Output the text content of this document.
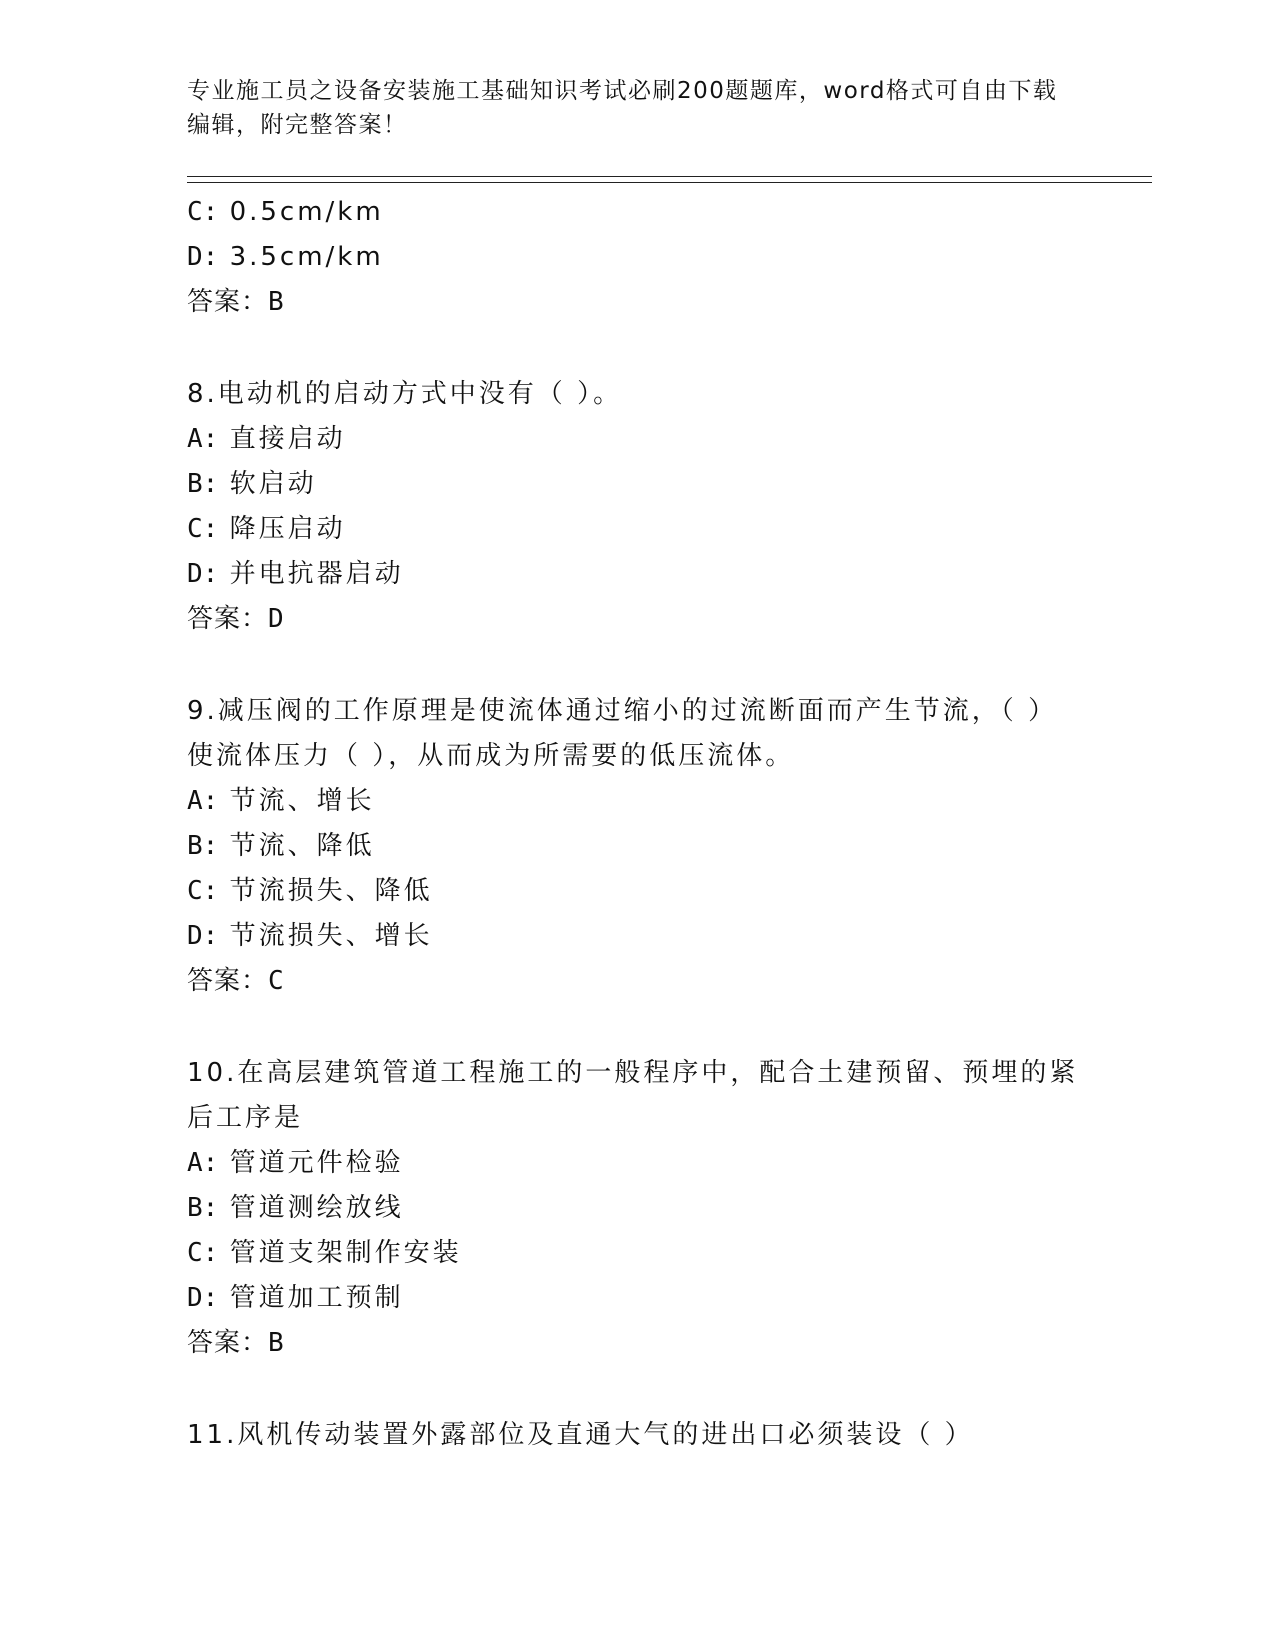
专业施工员之设备安装施工基础知识考试必刷200题题库，word格式可自由下载
编辑，附完整答案！
C: 0.5cm/km
D: 3.5cm/km
答案：B
8.电动机的启动方式中没有（ ）。
A: 直接启动
B: 软启动
C: 降压启动
D: 并电抗器启动
答案：D
9.减压阀的工作原理是使流体通过缩小的过流断面而产生节流，（ ）
使流体压力（ ），从而成为所需要的低压流体。
A: 节流、增长
B: 节流、降低
C: 节流损失、降低
D: 节流损失、增长
答案：C
10.在高层建筑管道工程施工的一般程序中，配合土建预留、预埋的紧
后工序是
A: 管道元件检验
B: 管道测绘放线
C: 管道支架制作安装
D: 管道加工预制
答案：B
11.风机传动装置外露部位及直通大气的进出口必须装设（ ）
